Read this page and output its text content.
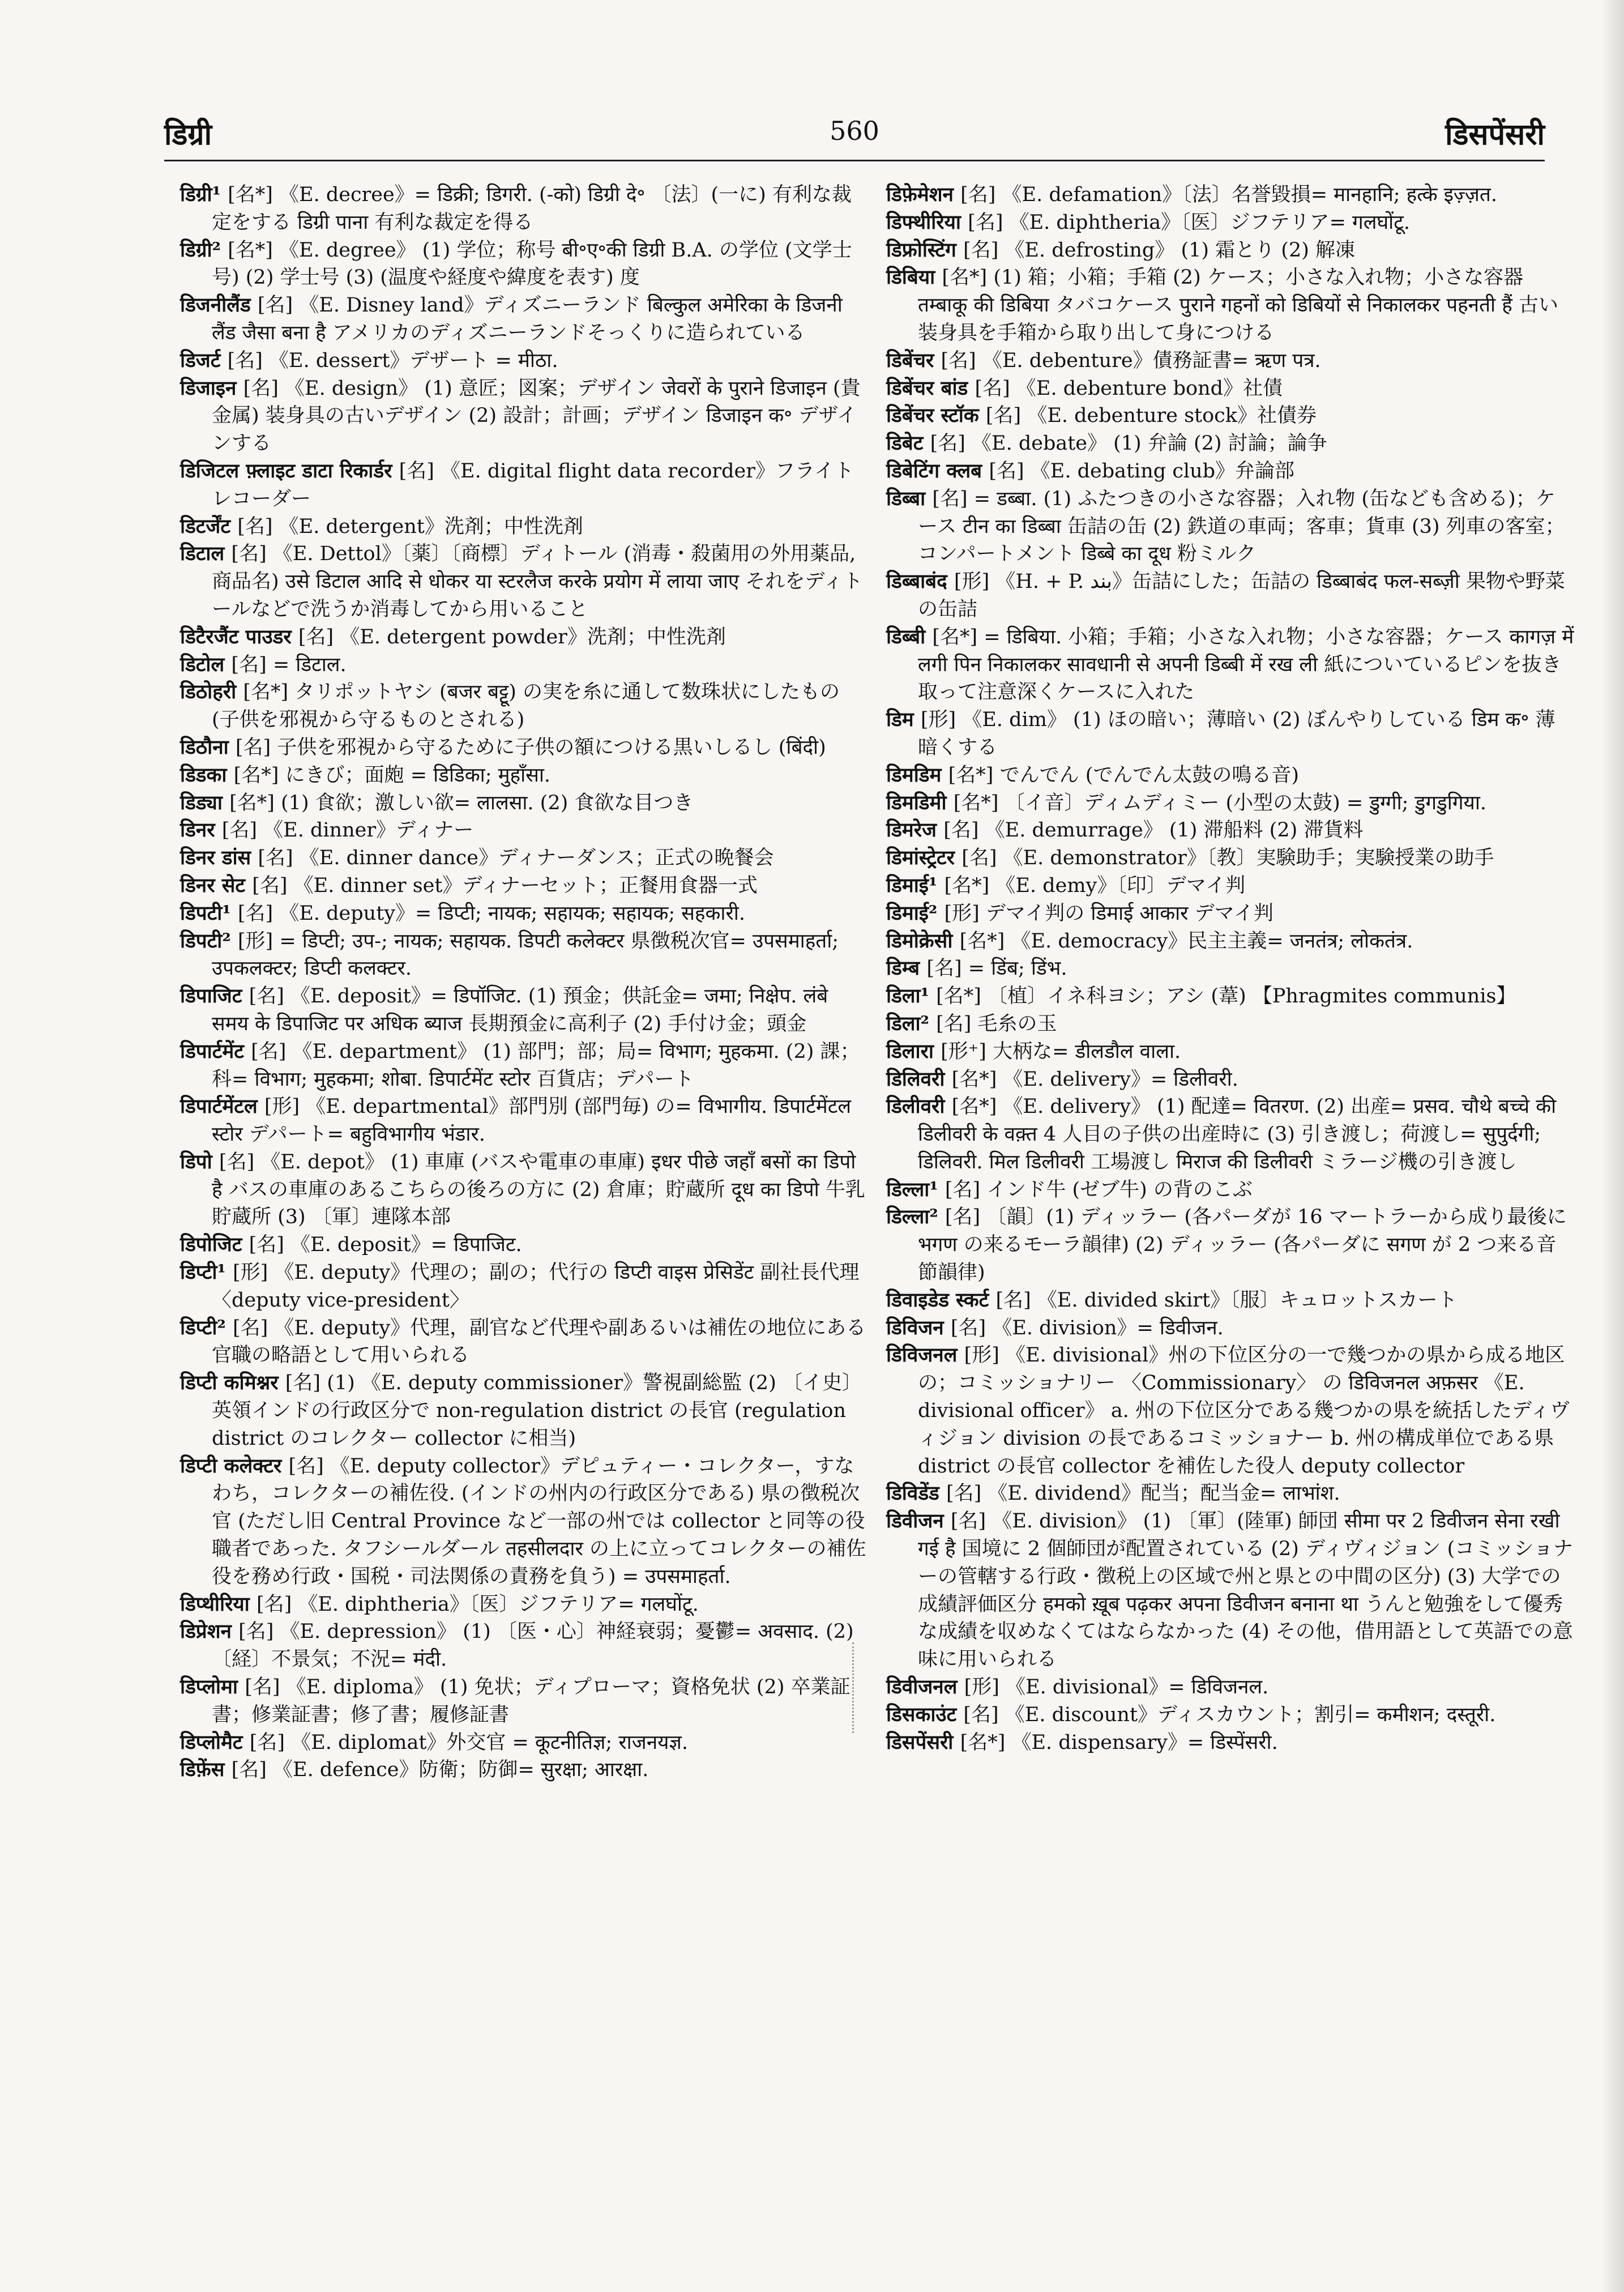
डिग्री	560	डिसपेंसरी
डिग्री¹ [名*] 《E. decree》= डिक्री; डिगरी. (-को) डिग्री दे॰ 〔法〕(一に) 有利な裁定をする डिग्री पाना 有利な裁定を得る
डिग्री² [名*] 《E. degree》 (1) 学位；称号 बी॰ए॰की डिग्री B.A. の学位 (文学士号) (2) 学士号 (3) (温度や経度や緯度を表す) 度
डिजनीलैंड [名] 《E. Disney land》ディズニーランド बिल्कुल अमेरिका के डिजनी लैंड जैसा बना है アメリカのディズニーランドそっくりに造られている
डिजर्ट [名] 《E. dessert》デザート = मीठा.
डिजाइन [名] 《E. design》 (1) 意匠；図案；デザイン जेवरों के पुराने डिजाइन (貴金属) 装身具の古いデザイン (2) 設計；計画；デザイン डिजाइन क॰ デザインする
डिजिटल फ़्लाइट डाटा रिकार्डर [名] 《E. digital flight data recorder》フライトレコーダー
डिटर्जेंट [名] 《E. detergent》洗剤；中性洗剤
डिटाल [名] 《E. Dettol》〔薬〕〔商標〕ディトール (消毒・殺菌用の外用薬品, 商品名) उसे डिटाल आदि से धोकर या स्टरलैज करके प्रयोग में लाया जाए それをディトールなどで洗うか消毒してから用いること
डिटैरजैंट पाउडर [名] 《E. detergent powder》洗剤；中性洗剤
डिटोल [名] = डिटाल.
डिठोहरी [名*] タリポットヤシ (बजर बट्टू) の実を糸に通して数珠状にしたもの (子供を邪視から守るものとされる)
डिठौना [名] 子供を邪視から守るために子供の額につける黒いしるし (बिंदी)
डिडका [名*] にきび；面皰 = डिडिका; मुहाँसा.
डिड्या [名*] (1) 食欲；激しい欲= लालसा. (2) 食欲な目つき
डिनर [名] 《E. dinner》ディナー
डिनर डांस [名] 《E. dinner dance》ディナーダンス；正式の晩餐会
डिनर सेट [名] 《E. dinner set》ディナーセット；正餐用食器一式
डिपटी¹ [名] 《E. deputy》= डिप्टी; नायक; सहायक; सहायक; सहकारी.
डिपटी² [形] = डिप्टी; उप-; नायक; सहायक. डिपटी कलेक्टर 県徴税次官= उपसमाहर्ता; उपकलक्टर; डिप्टी कलक्टर.
डिपाजिट [名] 《E. deposit》= डिपॉजिट. (1) 預金；供託金= जमा; निक्षेप. लंबे समय के डिपाजिट पर अधिक ब्याज 長期預金に高利子 (2) 手付け金；頭金
डिपार्टमेंट [名] 《E. department》 (1) 部門；部；局= विभाग; मुहकमा. (2) 課；科= विभाग; मुहकमा; शोबा. डिपार्टमेंट स्टोर 百貨店；デパート
डिपार्टमेंटल [形] 《E. departmental》部門別 (部門毎) の= विभागीय. डिपार्टमेंटल स्टोर デパート= बहुविभागीय भंडार.
डिपो [名] 《E. depot》 (1) 車庫 (バスや電車の車庫) इधर पीछे जहाँ बसों का डिपो है バスの車庫のあるこちらの後ろの方に (2) 倉庫；貯蔵所 दूध का डिपो 牛乳貯蔵所 (3) 〔軍〕連隊本部
डिपोजिट [名] 《E. deposit》= डिपाजिट.
डिप्टी¹ [形] 《E. deputy》代理の；副の；代行の डिप्टी वाइस प्रेसिडेंट 副社長代理 〈deputy vice-president〉
डिप्टी² [名] 《E. deputy》代理，副官など代理や副あるいは補佐の地位にある官職の略語として用いられる
डिप्टी कमिश्नर [名] (1) 《E. deputy commissioner》警視副総監 (2) 〔イ史〕英領インドの行政区分で non-regulation district の長官 (regulation district のコレクター collector に相当)
डिप्टी कलेक्टर [名] 《E. deputy collector》デピュティー・コレクター，すなわち，コレクターの補佐役. (インドの州内の行政区分である) 県の徴税次官 (ただし旧 Central Province など一部の州では collector と同等の役職者であった. タフシールダール तहसीलदार の上に立ってコレクターの補佐役を務め行政・国税・司法関係の責務を負う) = उपसमाहर्ता.
डिप्थीरिया [名] 《E. diphtheria》〔医〕ジフテリア= गलघोंटू.
डिप्रेशन [名] 《E. depression》 (1) 〔医・心〕神経衰弱；憂鬱= अवसाद. (2) 〔経〕不景気；不況= मंदी.
डिप्लोमा [名] 《E. diploma》 (1) 免状；ディプローマ；資格免状 (2) 卒業証書；修業証書；修了書；履修証書
डिप्लोमैट [名] 《E. diplomat》外交官 = कूटनीतिज्ञ; राजनयज्ञ.
डिफ़ेंस [名] 《E. defence》防衛；防御= सुरक्षा; आरक्षा.
डिफ़ेमेशन [名] 《E. defamation》〔法〕名誉毀損= मानहानि; हत्के इज़्ज़त.
डिफ्थीरिया [名] 《E. diphtheria》〔医〕ジフテリア= गलघोंटू.
डिफ्रोस्टिंग [名] 《E. defrosting》 (1) 霜とり (2) 解凍
डिबिया [名*] (1) 箱；小箱；手箱 (2) ケース；小さな入れ物；小さな容器 तम्बाकू की डिबिया タバコケース पुराने गहनों को डिबियों से निकालकर पहनती हैं 古い装身具を手箱から取り出して身につける
डिबेंचर [名] 《E. debenture》債務証書= ऋण पत्र.
डिबेंचर बांड [名] 《E. debenture bond》社債
डिबेंचर स्टॉक [名] 《E. debenture stock》社債券
डिबेट [名] 《E. debate》 (1) 弁論 (2) 討論；論争
डिबेटिंग क्लब [名] 《E. debating club》弁論部
डिब्बा [名] = डब्बा. (1) ふたつきの小さな容器；入れ物 (缶なども含める)；ケース टीन का डिब्बा 缶詰の缶 (2) 鉄道の車両；客車；貨車 (3) 列車の客室；コンパートメント डिब्बे का दूध 粉ミルク
डिब्बाबंद [形] 《H. + P. بند》缶詰にした；缶詰の डिब्बाबंद फल-सब्ज़ी 果物や野菜の缶詰
डिब्बी [名*] = डिबिया. 小箱；手箱；小さな入れ物；小さな容器；ケース कागज़ में लगी पिन निकालकर सावधानी से अपनी डिब्बी में रख ली 紙についているピンを抜き取って注意深くケースに入れた
डिम [形] 《E. dim》 (1) ほの暗い；薄暗い (2) ぼんやりしている डिम क॰ 薄暗くする
डिमडिम [名*] でんでん (でんでん太鼓の鳴る音)
डिमडिमी [名*] 〔イ音〕ディムディミー (小型の太鼓) = डुग्गी; डुगडुगिया.
डिमरेज [名] 《E. demurrage》 (1) 滞船料 (2) 滞貨料
डिमांस्ट्रेटर [名] 《E. demonstrator》〔教〕実験助手；実験授業の助手
डिमाई¹ [名*] 《E. demy》〔印〕デマイ判
डिमाई² [形] デマイ判の डिमाई आकार デマイ判
डिमोक्रेसी [名*] 《E. democracy》民主主義= जनतंत्र; लोकतंत्र.
डिम्ब [名] = डिंब; डिंभ.
डिला¹ [名*] 〔植〕イネ科ヨシ；アシ (葦) 【Phragmites communis】
डिला² [名] 毛糸の玉
डिलारा [形⁺] 大柄な= डीलडौल वाला.
डिलिवरी [名*] 《E. delivery》= डिलीवरी.
डिलीवरी [名*] 《E. delivery》 (1) 配達= वितरण. (2) 出産= प्रसव. चौथे बच्चे की डिलीवरी के वक़्त 4 人目の子供の出産時に (3) 引き渡し；荷渡し= सुपुर्दगी; डिलिवरी. मिल डिलीवरी 工場渡し मिराज की डिलीवरी ミラージ機の引き渡し
डिल्ला¹ [名] インド牛 (ゼブ牛) の背のこぶ
डिल्ला² [名] 〔韻〕(1) ディッラー (各パーダが 16 マートラーから成り最後に भगण の来るモーラ韻律) (2) ディッラー (各パーダに सगण が 2 つ来る音節韻律)
डिवाइडेड स्कर्ट [名] 《E. divided skirt》〔服〕キュロットスカート
डिविजन [名] 《E. division》= डिवीजन.
डिविजनल [形] 《E. divisional》州の下位区分の一で幾つかの県から成る地区の；コミッショナリー 〈Commissionary〉 の डिविजनल अफ़सर 《E. divisional officer》 a. 州の下位区分である幾つかの県を統括したディヴィジョン division の長であるコミッショナー b. 州の構成単位である県 district の長官 collector を補佐した役人 deputy collector
डिविडेंड [名] 《E. dividend》配当；配当金= लाभांश.
डिवीजन [名] 《E. division》 (1) 〔軍〕(陸軍) 師団 सीमा पर 2 डिवीजन सेना रखी गई है 国境に 2 個師団が配置されている (2) ディヴィジョン (コミッショナーの管轄する行政・徴税上の区域で州と県との中間の区分) (3) 大学での成績評価区分 हमको ख़ूब पढ़कर अपना डिवीजन बनाना था うんと勉強をして優秀な成績を収めなくてはならなかった (4) その他，借用語として英語での意味に用いられる
डिवीजनल [形] 《E. divisional》= डिविजनल.
डिसकाउंट [名] 《E. discount》ディスカウント；割引= कमीशन; दस्तूरी.
डिसपेंसरी [名*] 《E. dispensary》= डिस्पेंसरी.
